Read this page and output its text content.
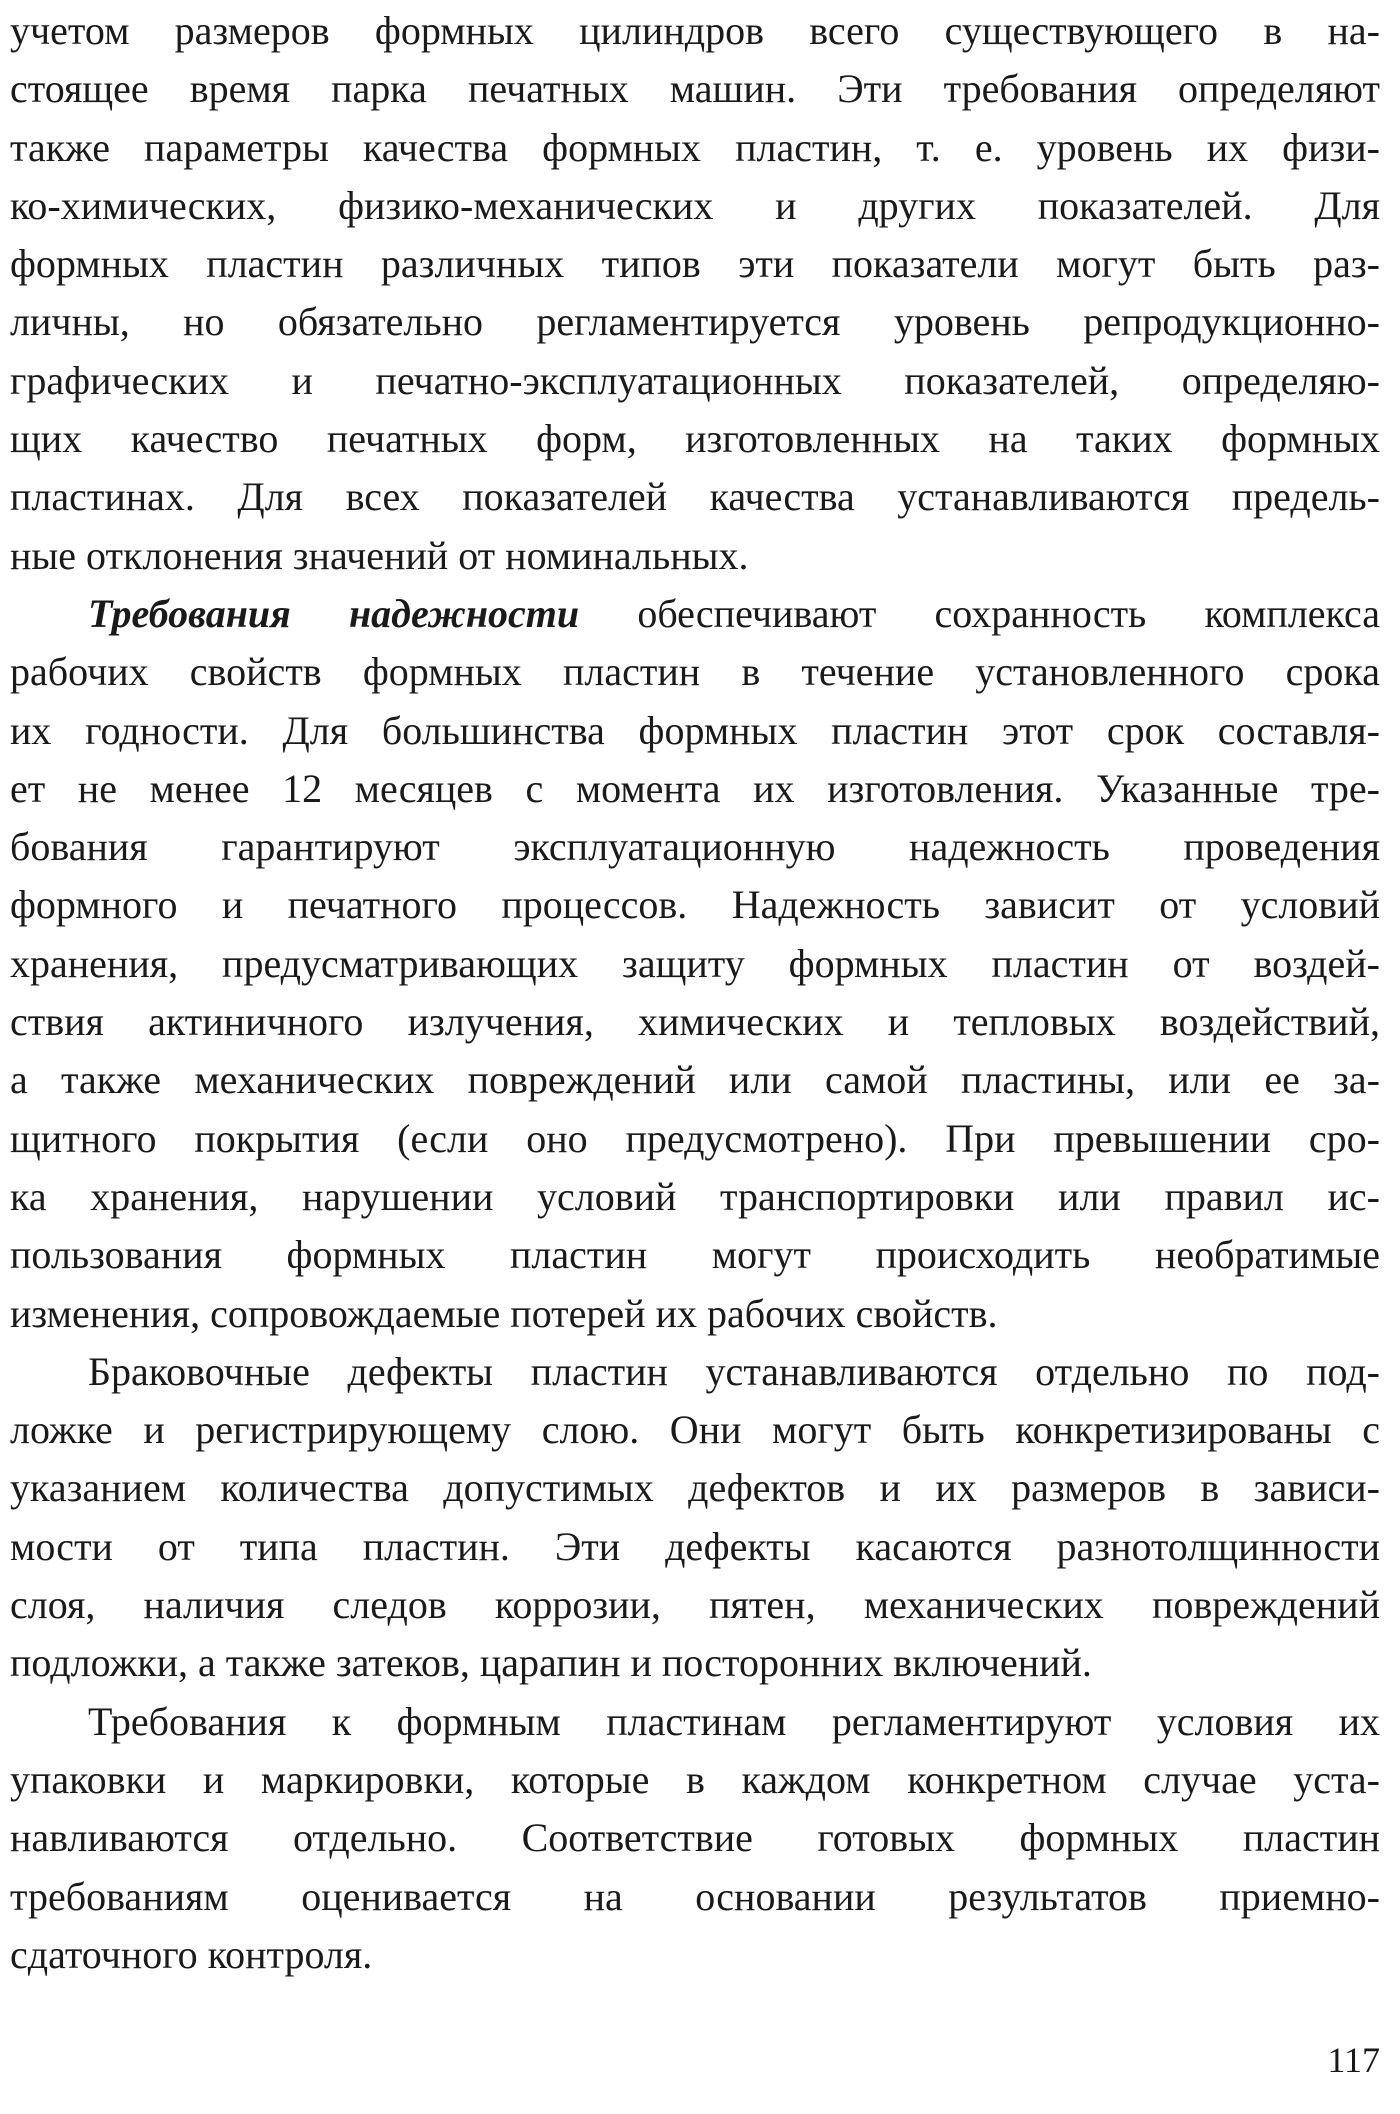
учетом размеров формных цилиндров всего существующего в на-
стоящее время парка печатных машин. Эти требования определяют
также параметры качества формных пластин, т. е. уровень их физи-
ко-химических, физико-механических и других показателей. Для
формных пластин различных типов эти показатели могут быть раз-
личны, но обязательно регламентируется уровень репродукционно-
графических и печатно-эксплуатационных показателей, определяю-
щих качество печатных форм, изготовленных на таких формных
пластинах. Для всех показателей качества устанавливаются предель-
ные отклонения значений от номинальных.
Требования надежности обеспечивают сохранность комплекса
рабочих свойств формных пластин в течение установленного срока
их годности. Для большинства формных пластин этот срок составля-
ет не менее 12 месяцев с момента их изготовления. Указанные тре-
бования гарантируют эксплуатационную надежность проведения
формного и печатного процессов. Надежность зависит от условий
хранения, предусматривающих защиту формных пластин от воздей-
ствия актиничного излучения, химических и тепловых воздействий,
а также механических повреждений или самой пластины, или ее за-
щитного покрытия (если оно предусмотрено). При превышении сро-
ка хранения, нарушении условий транспортировки или правил ис-
пользования формных пластин могут происходить необратимые
изменения, сопровождаемые потерей их рабочих свойств.
Браковочные дефекты пластин устанавливаются отдельно по под-
ложке и регистрирующему слою. Они могут быть конкретизированы с
указанием количества допустимых дефектов и их размеров в зависи-
мости от типа пластин. Эти дефекты касаются разнотолщинности
слоя, наличия следов коррозии, пятен, механических повреждений
подложки, а также затеков, царапин и посторонних включений.
Требования к формным пластинам регламентируют условия их
упаковки и маркировки, которые в каждом конкретном случае уста-
навливаются отдельно. Соответствие готовых формных пластин
требованиям оценивается на основании результатов приемно-
сдаточного контроля.
117
